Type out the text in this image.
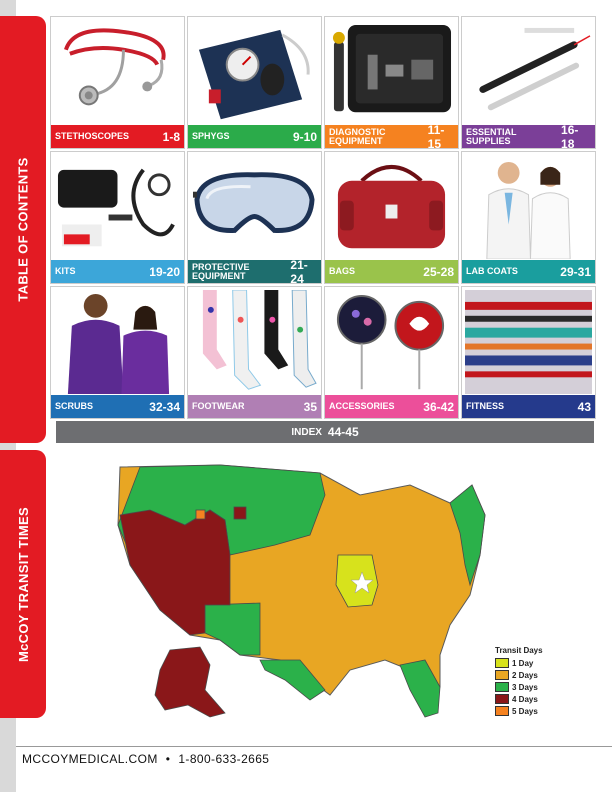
TABLE OF CONTENTS
McCOY TRANSIT TIMES
STETHOSCOPES	1-8 SPHYGS	9-10 DIAGNOSTIC EQUIPMENT
11-15
ESSENTIAL SUPPLIES
16-18
KITS	19-20 PROTECTIVE EQUIPMENT
21-24
BAGS	25-28 LAB COATS	29-31
SCRUBS	32-34 FOOTWEAR	35 ACCESSORIES 36-42 FITNESS	43
INDEX 44-45
Transit Days
1 Day
2 Days
3 Days
4 Days
5 Days
MCCOYMEDICAL.COM • 1-800-633-2665
